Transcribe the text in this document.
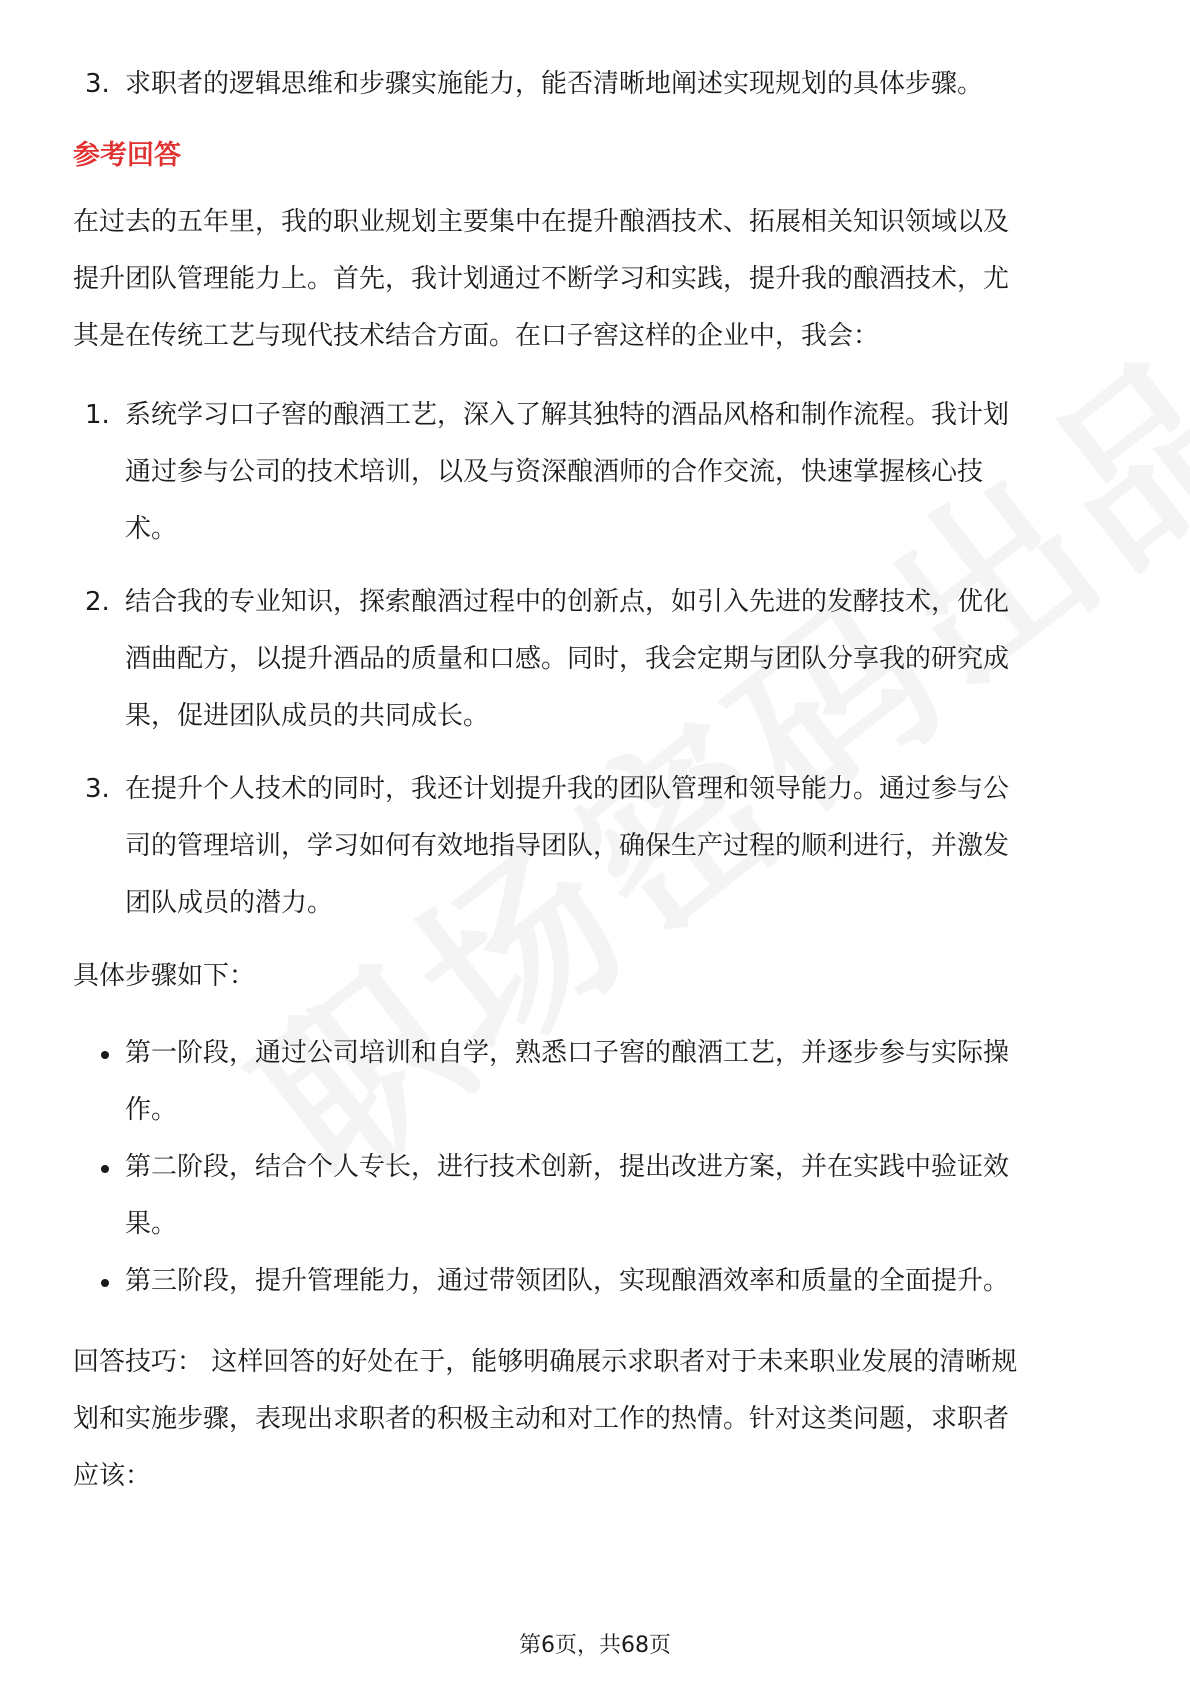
3. 求职者的逻辑思维和步骤实施能力，能否清晰地阐述实现规划的具体步骤。
参考回答
在过去的五年里，我的职业规划主要集中在提升酿酒技术、拓展相关知识领域以及
提升团队管理能力上。首先，我计划通过不断学习和实践，提升我的酿酒技术，尤
其是在传统工艺与现代技术结合方面。在口子窖这样的企业中，我会：
1. 系统学习口子窖的酿酒工艺，深入了解其独特的酒品风格和制作流程。我计划
通过参与公司的技术培训，以及与资深酿酒师的合作交流，快速掌握核心技
术。
2. 结合我的专业知识，探索酿酒过程中的创新点，如引入先进的发酵技术，优化
酒曲配方，以提升酒品的质量和口感。同时，我会定期与团队分享我的研究成
果，促进团队成员的共同成长。
3. 在提升个人技术的同时，我还计划提升我的团队管理和领导能力。通过参与公
司的管理培训，学习如何有效地指导团队，确保生产过程的顺利进行，并激发
团队成员的潜力。
具体步骤如下：
第一阶段，通过公司培训和自学，熟悉口子窖的酿酒工艺，并逐步参与实际操
作。
第二阶段，结合个人专长，进行技术创新，提出改进方案，并在实践中验证效
果。
第三阶段，提升管理能力，通过带领团队，实现酿酒效率和质量的全面提升。
回答技巧： 这样回答的好处在于，能够明确展示求职者对于未来职业发展的清晰规
划和实施步骤，表现出求职者的积极主动和对工作的热情。针对这类问题，求职者
应该：
第6页，共68页
